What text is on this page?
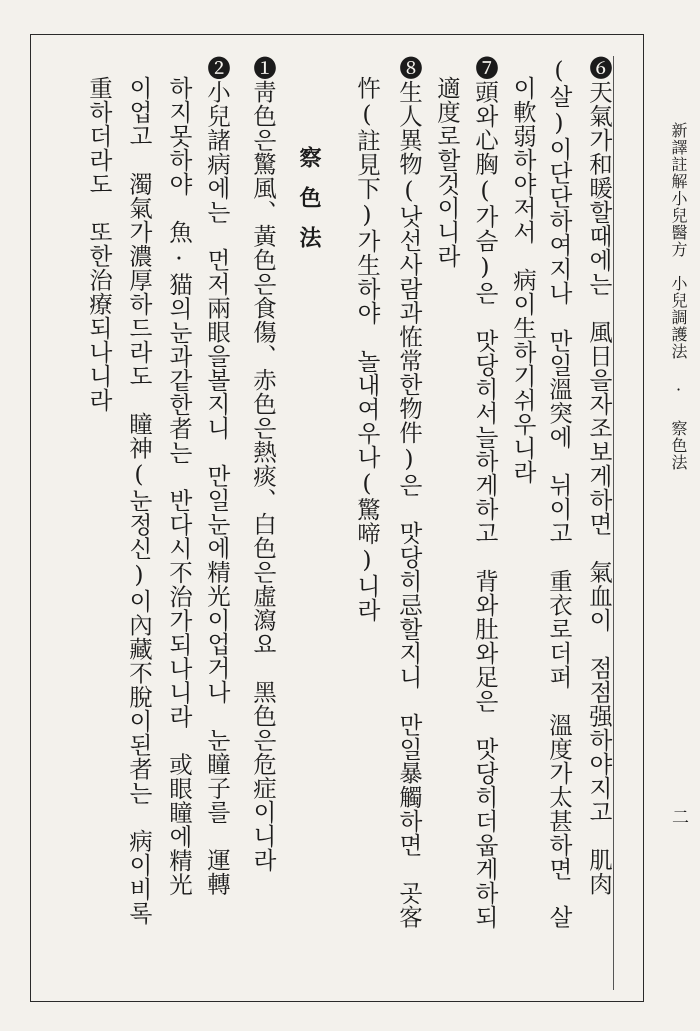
新譯註解小兒醫方　小兒調護法 · 察色法
二
❻天氣가和暖할때에는　風日을자조보게하면　氣血이　점점强하야지고　肌肉
(살)이단단하여지나　만일溫突에　뉘이고　重衣로더퍼　溫度가太甚하면　살
이軟弱하야저서　病이生하기쉬우니라
❼頭와心胸(가슴)은　맛당히서늘하게하고　背와肚와足은　맛당히더웁게하되
適度로할것이니라
❽生人異物(낫선사람과恠常한物件)은　맛당히忌할지니　만일暴觸하면　곳客
忤(註見下)가生하야　놀내여우나(驚啼)니라
察色法
❶靑色은驚風、黃色은食傷、赤色은熱痰、白色은虛瀉요　黑色은危症이니라
❷小兒諸病에는　먼저兩眼을볼지니　만일눈에精光이업거나　눈瞳子를　運轉
하지못하야　魚·猫의눈과같한者는　반다시不治가되나니라　或眼瞳에精光
이업고　濁氣가濃厚하드라도　瞳神(눈정신)이內藏不脫이된者는　病이비록
重하더라도　또한治療되나니라
